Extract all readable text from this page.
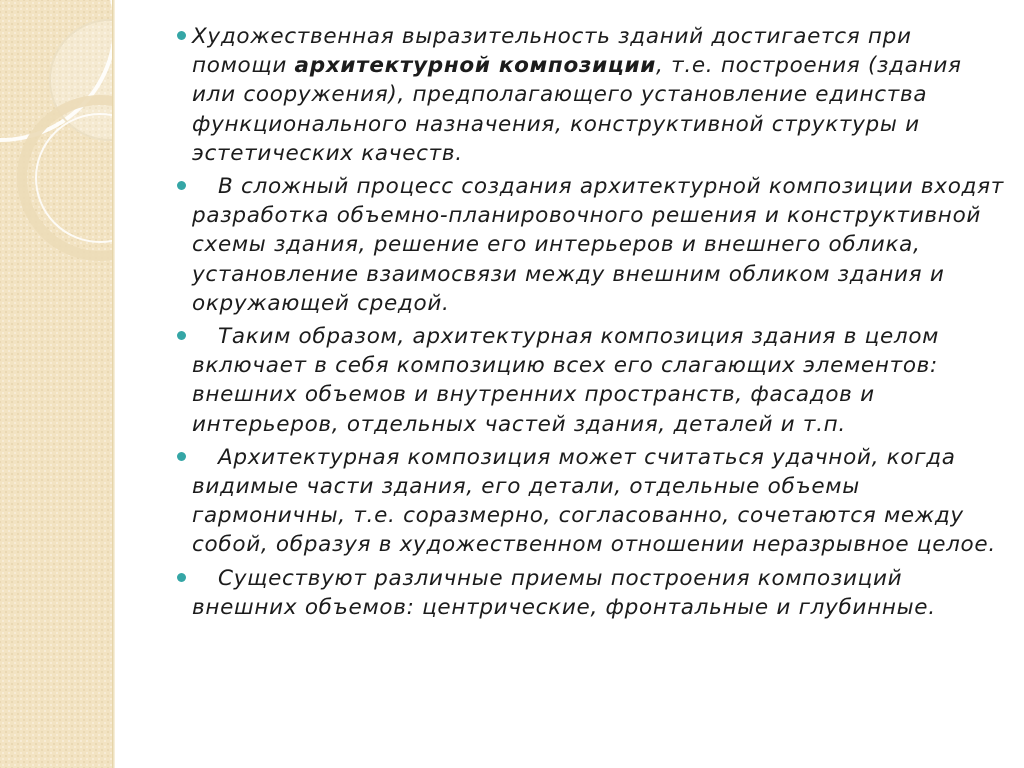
Художественная выразительность зданий достигается при помощи архитектурной композиции, т.е. построения (здания или сооружения), предполагающего установление единства функционального назначения, конструктивной структуры и эстетических качеств.
В сложный процесс создания архитектурной композиции входят разработка объемно-планировочного решения и конструктивной схемы здания, решение его интерьеров и внешнего облика, установление взаимосвязи между внешним обликом здания и окружающей средой.
Таким образом, архитектурная композиция здания в целом включает в себя композицию всех его слагающих элементов: внешних объемов и внутренних пространств, фасадов и интерьеров, отдельных частей здания, деталей и т.п.
Архитектурная композиция может считаться удачной, когда видимые части здания, его детали, отдельные объемы гармоничны, т.е. соразмерно, согласованно, сочетаются между собой, образуя в художественном отношении неразрывное целое.
Существуют различные приемы построения композиций внешних объемов: центрические, фронтальные и глубинные.
